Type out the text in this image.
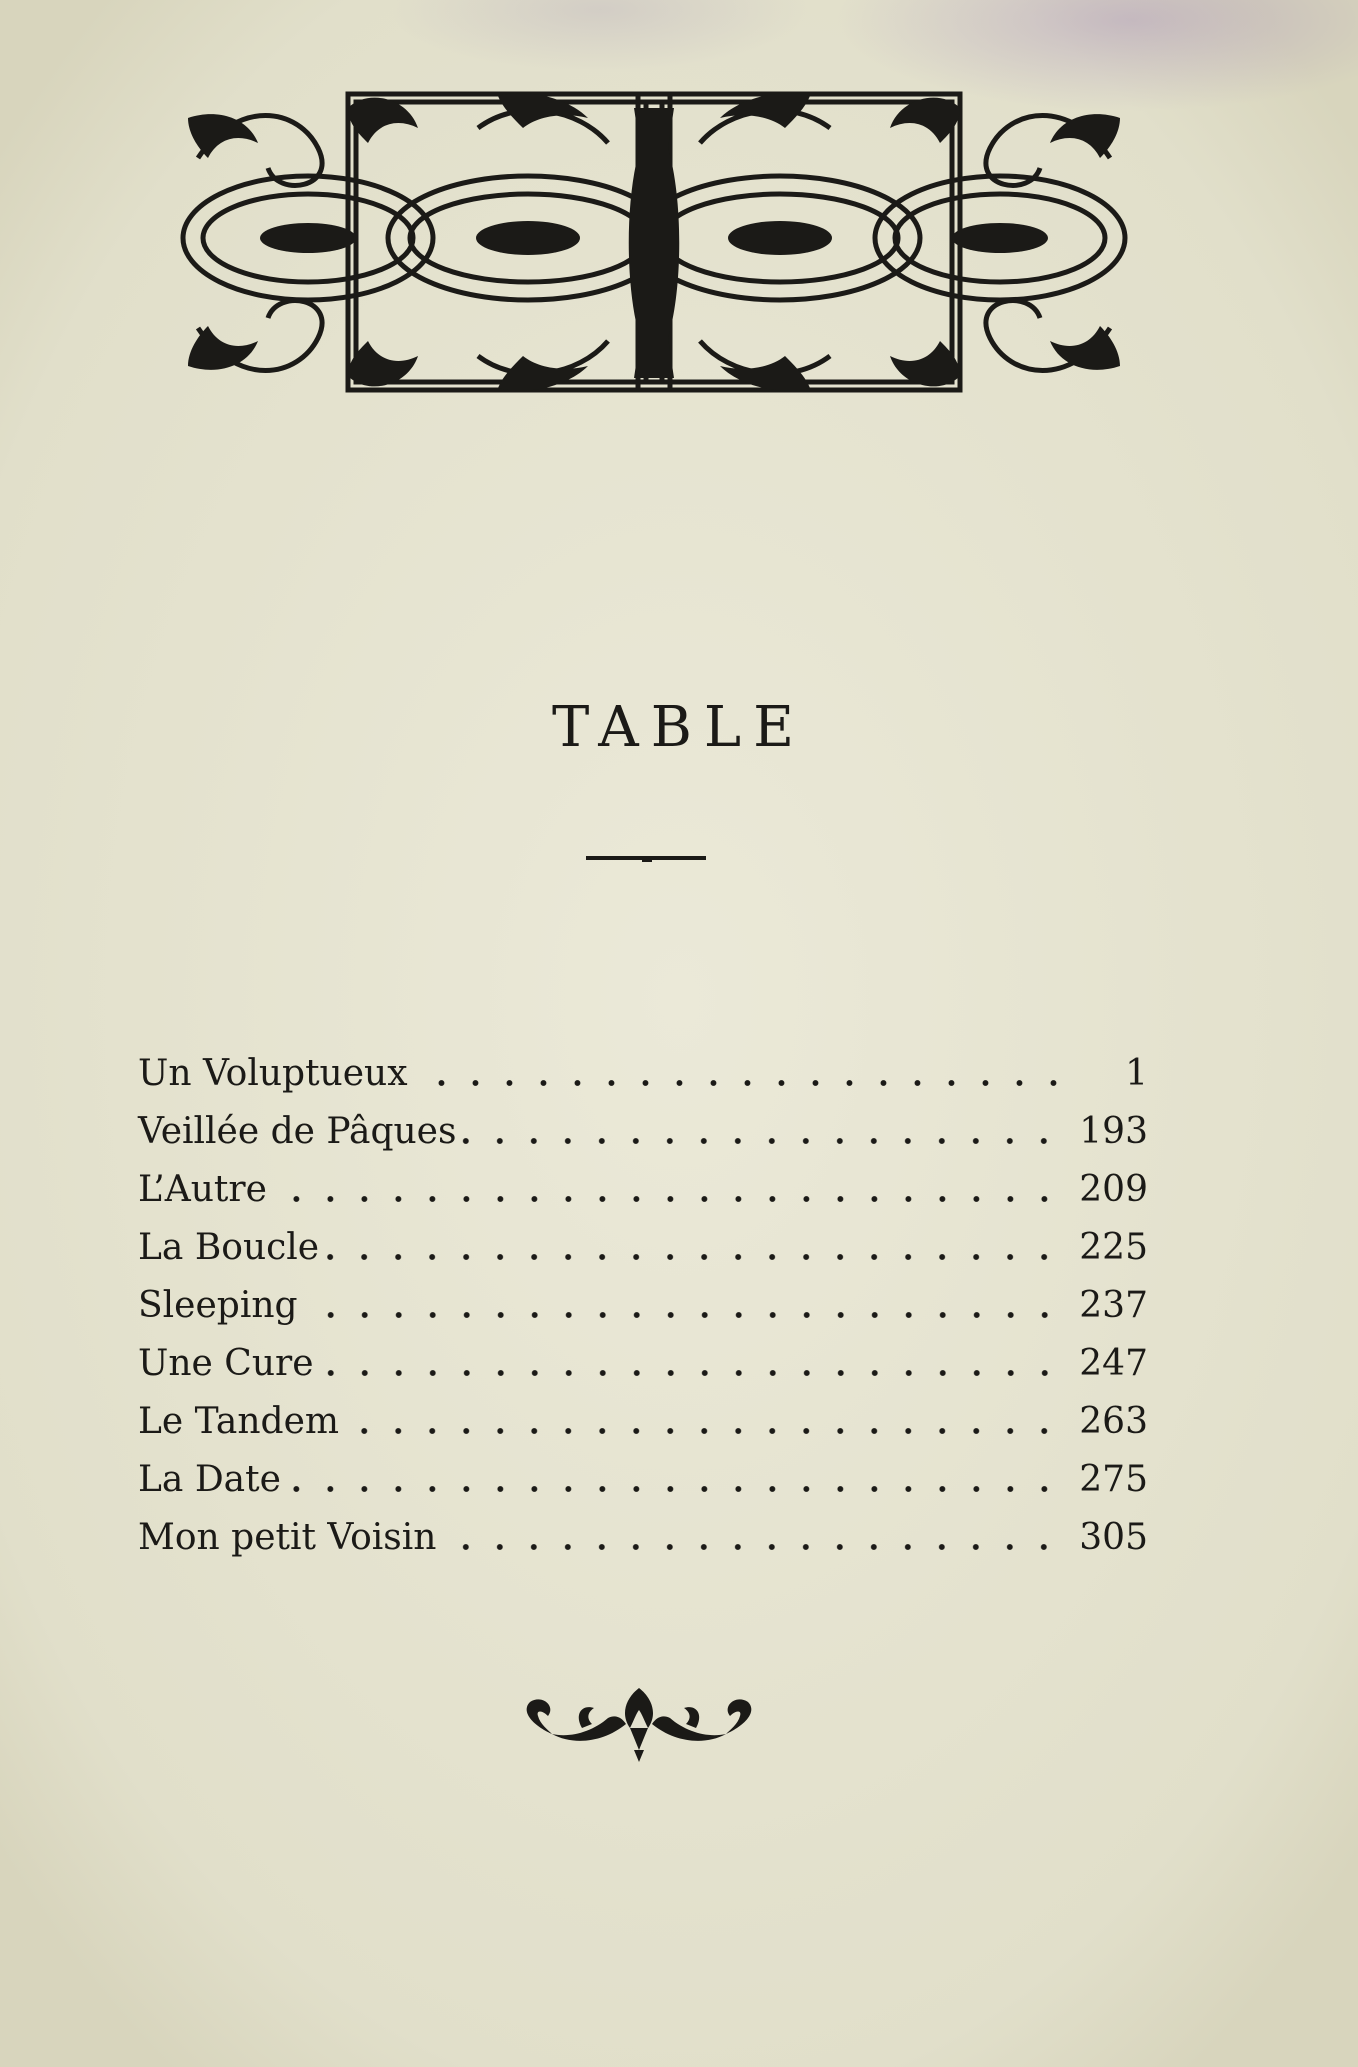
TABLE
Un Voluptueux	1
Veillée de Pâques	193
L’Autre	209
La Boucle	225
Sleeping	237
Une Cure	247
Le Tandem	263
La Date	275
Mon petit Voisin	305
